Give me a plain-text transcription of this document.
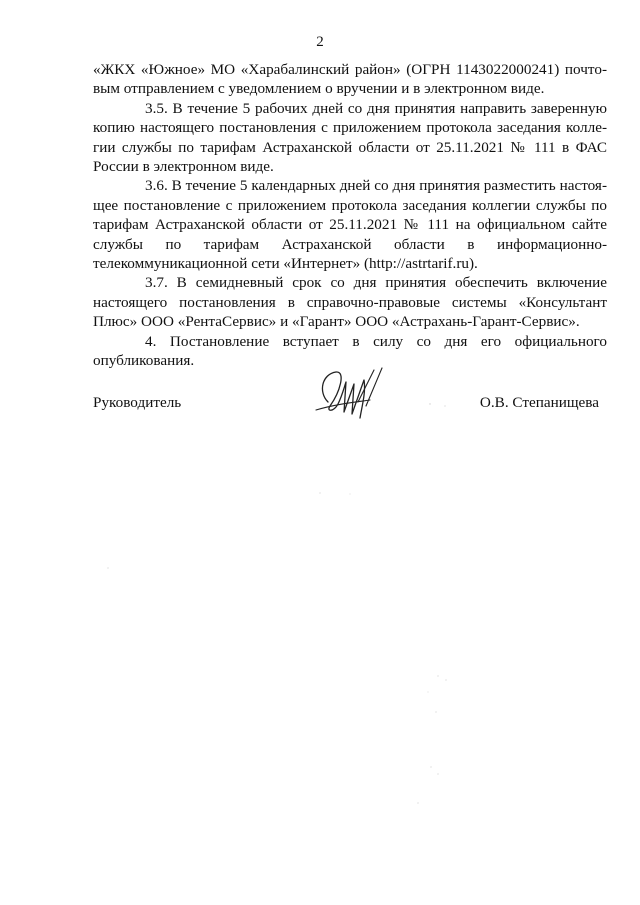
2

«ЖКХ «Южное» МО «Харабалинский район» (ОГРН 1143022000241) почтовым отправлением с уведомлением о вручении и в электронном виде.

3.5. В течение 5 рабочих дней со дня принятия направить заверенную копию настоящего постановления с приложением протокола заседания коллегии службы по тарифам Астраханской области от 25.11.2021 № 111 в ФАС России в электронном виде.

3.6. В течение 5 календарных дней со дня принятия разместить настоящее постановление с приложением протокола заседания коллегии службы по тарифам Астраханской области от 25.11.2021 № 111 на официальном сайте службы по тарифам Астраханской области в информационно-телекоммуникационной сети «Интернет» (http://astrtarif.ru).

3.7. В семидневный срок со дня принятия обеспечить включение настоящего постановления в справочно-правовые системы «Консультант Плюс» ООО «РентаСервис» и «Гарант» ООО «Астрахань-Гарант-Сервис».

4. Постановление вступает в силу со дня его официального опубликования.

Руководитель	О.В. Степанищева
